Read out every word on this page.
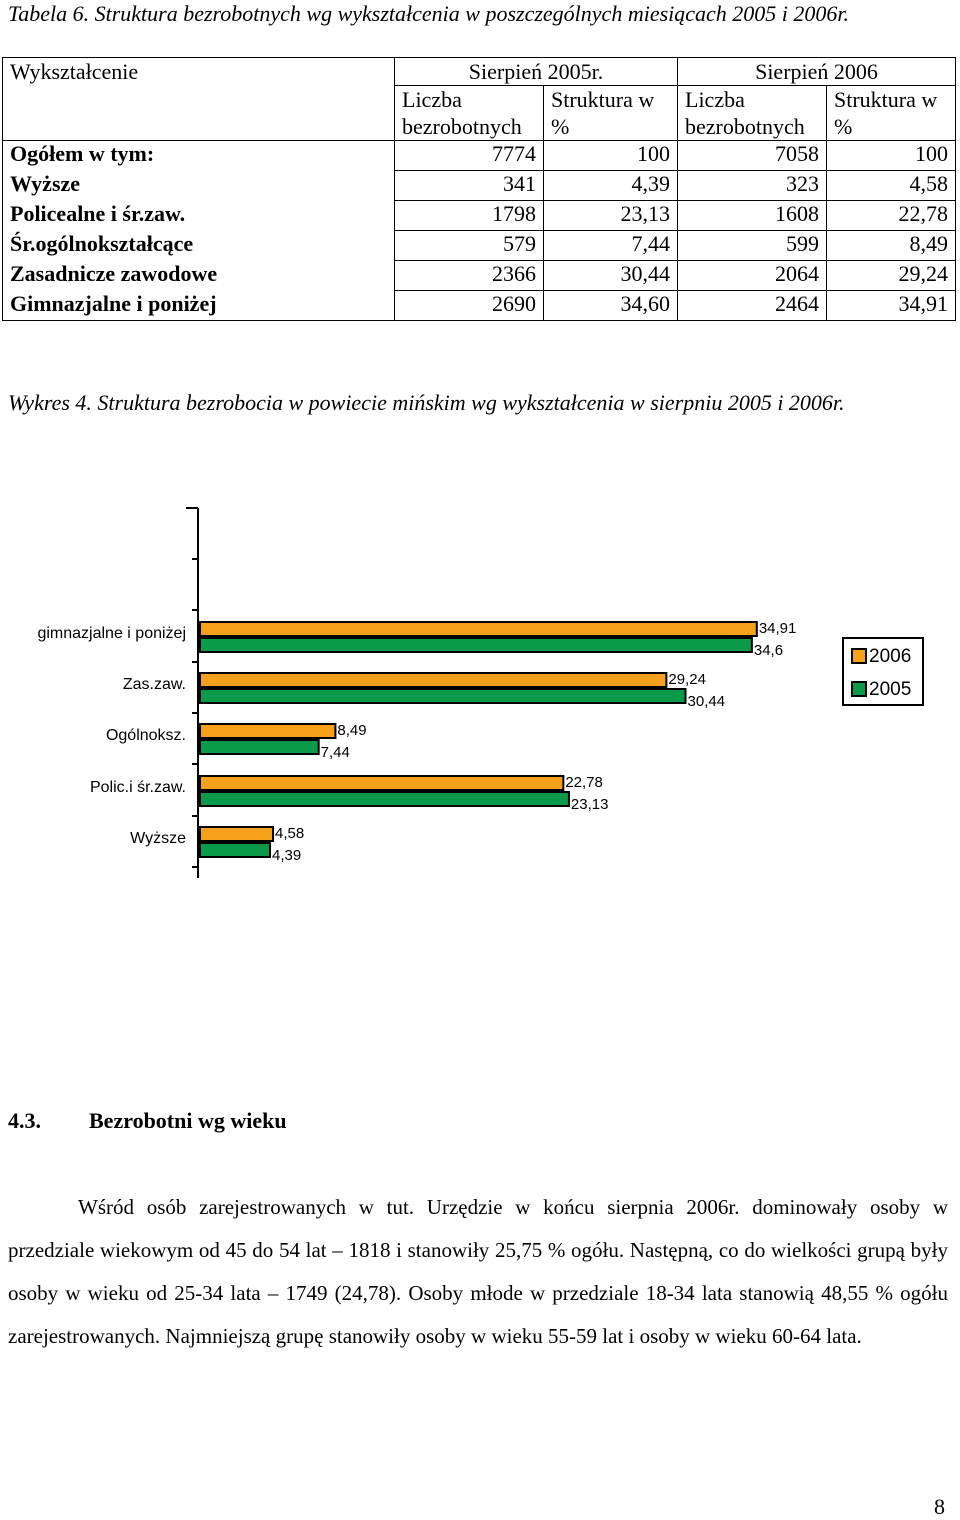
Tabela 6. Struktura bezrobotnych wg wykształcenia w poszczególnych miesiącach 2005 i 2006r.
Wykształcenie	Sierpień 2005r.		Sierpień 2006	
	Liczba bezrobotnych	Struktura w %	Liczba bezrobotnych	Struktura w %
Ogółem w tym:	7774	100	7058	100
Wyższe	341	4,39	323	4,58
Policealne i śr.zaw.	1798	23,13	1608	22,78
Śr.ogólnokształcące	579	7,44	599	8,49
Zasadnicze zawodowe	2366	30,44	2064	29,24
Gimnazjalne i poniżej	2690	34,60	2464	34,91
Wykres 4. Struktura bezrobocia w powiecie mińskim wg wykształcenia w sierpniu 2005 i 2006r.
34,91
34,6
29,24
30,44
8,49
7,44
22,78
23,13
4,58
4,39
gimnazjalne i poniżej
Zas.zaw.
Ogólnoksz.
Polic.i śr.zaw.
Wyższe
2006
2005
4.3. Bezrobotni wg wieku
Wśród osób zarejestrowanych w tut. Urzędzie w końcu sierpnia 2006r. dominowały osoby w przedziale wiekowym od 45 do 54 lat – 1818 i stanowiły 25,75 % ogółu. Następną, co do wielkości grupą były osoby w wieku od 25-34 lata – 1749 (24,78). Osoby młode w przedziale 18-34 lata stanowią 48,55 % ogółu zarejestrowanych. Najmniejszą grupę stanowiły osoby w wieku 55-59 lat i osoby w wieku 60-64 lata.
8
